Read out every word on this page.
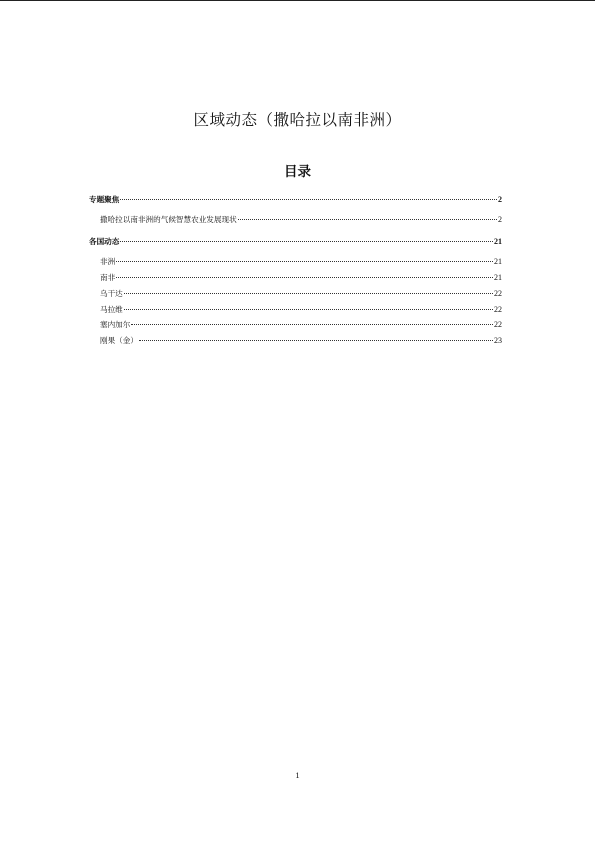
区域动态（撒哈拉以南非洲）
目录
专题聚焦	2
撒哈拉以南非洲的气候智慧农业发展现状	2
各国动态	21
非洲	21
南非	21
乌干达	22
马拉维	22
塞内加尔	22
刚果（金）	23
1
